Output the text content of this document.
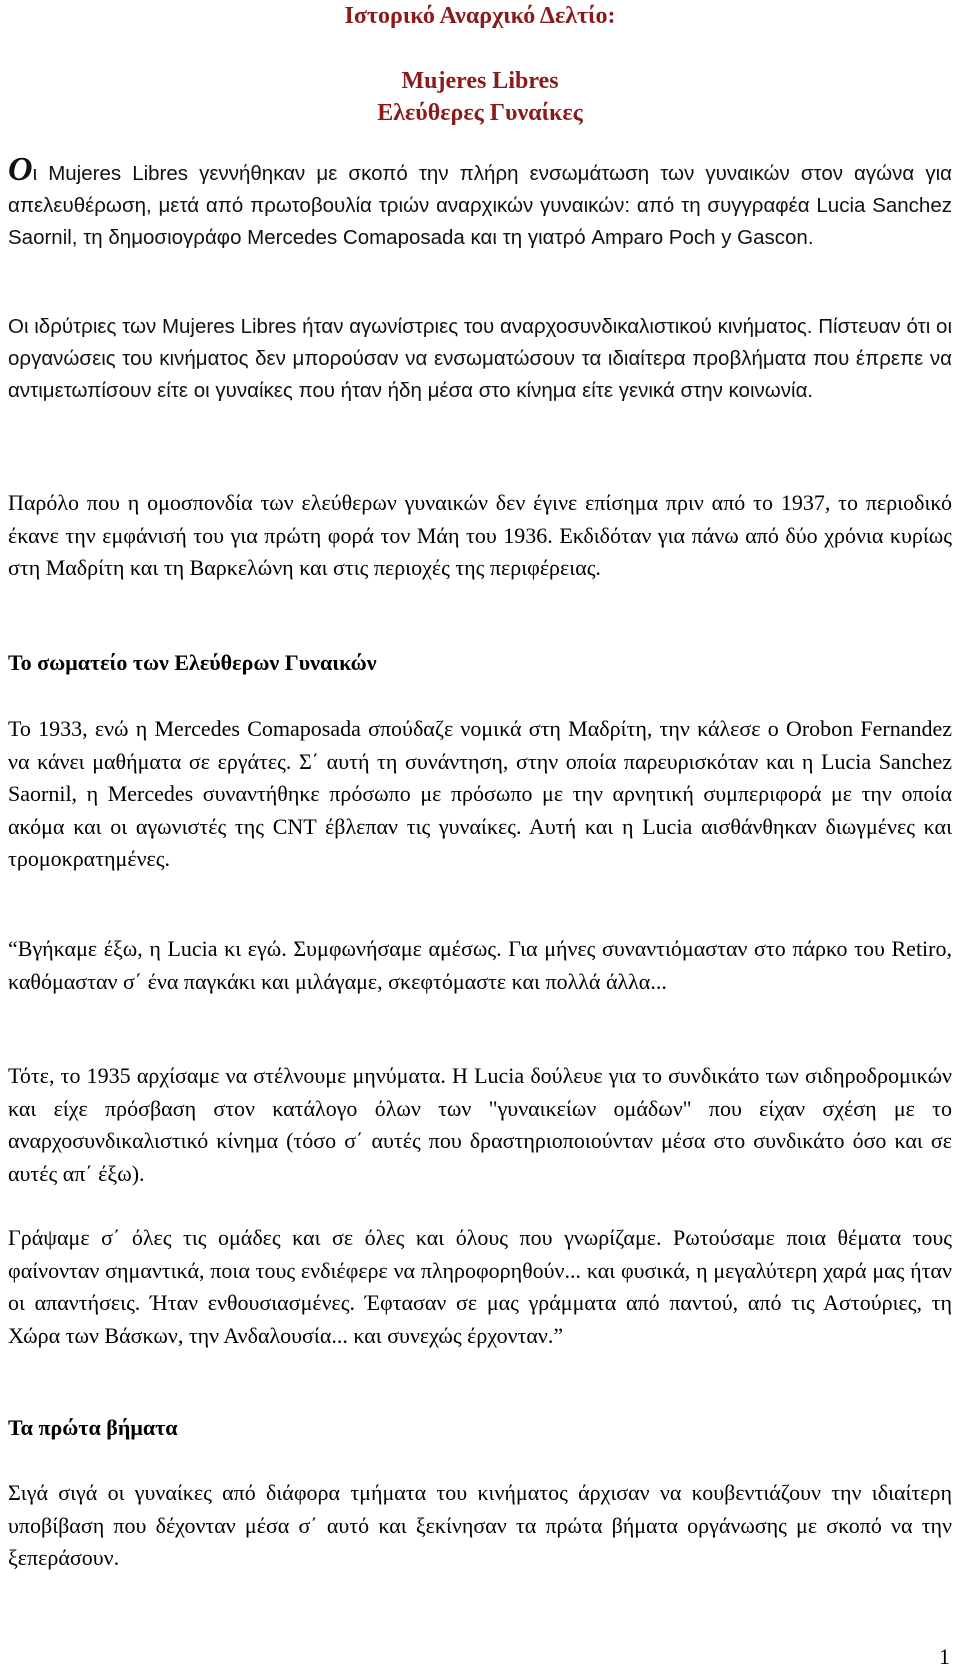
Ιστορικό Αναρχικό Δελτίο:
Mujeres Libres
Ελεύθερες Γυναίκες

Oι Mujeres Libres γεννήθηκαν με σκοπό την πλήρη ενσωμάτωση των γυναικών στον αγώνα για απελευθέρωση, μετά από πρωτοβουλία τριών αναρχικών γυναικών: από τη συγγραφέα Lucia Sanchez Saornil, τη δημοσιογράφο Mercedes Comaposada και τη γιατρό Amparo Poch y Gascon.

Οι ιδρύτριες των Mujeres Libres ήταν αγωνίστριες του αναρχοσυνδικαλιστικού κινήματος. Πίστευαν ότι οι οργανώσεις του κινήματος δεν μπορούσαν να ενσωματώσουν τα ιδιαίτερα προβλήματα που έπρεπε να αντιμετωπίσουν είτε οι γυναίκες που ήταν ήδη μέσα στο κίνημα είτε γενικά στην κοινωνία.

Παρόλο που η ομοσπονδία των ελεύθερων γυναικών δεν έγινε επίσημα πριν από το 1937, το περιοδικό έκανε την εμφάνισή του για πρώτη φορά τον Μάη του 1936. Εκδιδόταν για πάνω από δύο χρόνια κυρίως στη Μαδρίτη και τη Βαρκελώνη και στις περιοχές της περιφέρειας.

Το σωματείο των Ελεύθερων Γυναικών

Το 1933, ενώ η Mercedes Comaposada σπούδαζε νομικά στη Μαδρίτη, την κάλεσε ο Orobon Fernandez να κάνει μαθήματα σε εργάτες. Σ΄ αυτή τη συνάντηση, στην οποία παρευρισκόταν και η Lucia Sanchez Saornil, η Mercedes συναντήθηκε πρόσωπο με πρόσωπο με την αρνητική συμπεριφορά με την οποία ακόμα και οι αγωνιστές της CNT έβλεπαν τις γυναίκες. Αυτή και η Lucia αισθάνθηκαν διωγμένες και τρομοκρατημένες.

“Βγήκαμε έξω, η Lucia κι εγώ. Συμφωνήσαμε αμέσως. Για μήνες συναντιόμασταν στο πάρκο του Retiro, καθόμασταν σ΄ ένα παγκάκι και μιλάγαμε, σκεφτόμαστε και πολλά άλλα...

Τότε, το 1935 αρχίσαμε να στέλνουμε μηνύματα. Η Lucia δούλευε για το συνδικάτο των σιδηροδρομικών και είχε πρόσβαση στον κατάλογο όλων των "γυναικείων ομάδων" που είχαν σχέση με το αναρχοσυνδικαλιστικό κίνημα (τόσο σ΄ αυτές που δραστηριοποιούνταν μέσα στο συνδικάτο όσο και σε αυτές απ΄ έξω).

Γράψαμε σ΄ όλες τις ομάδες και σε όλες και όλους που γνωρίζαμε. Ρωτούσαμε ποια θέματα τους φαίνονταν σημαντικά, ποια τους ενδιέφερε να πληροφορηθούν... και φυσικά, η μεγαλύτερη χαρά μας ήταν οι απαντήσεις. Ήταν ενθουσιασμένες. Έφτασαν σε μας γράμματα από παντού, από τις Αστούριες, τη Χώρα των Βάσκων, την Ανδαλουσία... και συνεχώς έρχονταν.”

Τα πρώτα βήματα

Σιγά σιγά οι γυναίκες από διάφορα τμήματα του κινήματος άρχισαν να κουβεντιάζουν την ιδιαίτερη υποβίβαση που δέχονταν μέσα σ΄ αυτό και ξεκίνησαν τα πρώτα βήματα οργάνωσης με σκοπό να την ξεπεράσουν.

1
